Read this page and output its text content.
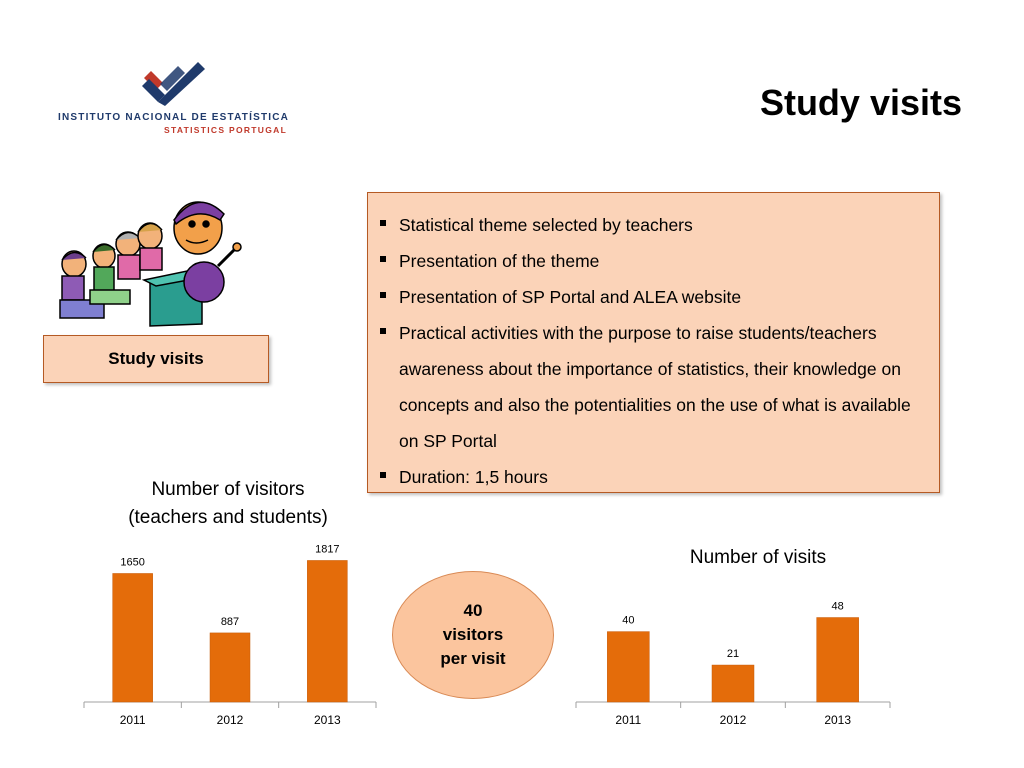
INSTITUTO NACIONAL DE ESTATÍSTICA
STATISTICS PORTUGAL
Study visits
Study visits
Statistical theme selected by teachers
Presentation of the theme
Presentation of SP Portal and ALEA website
Practical activities with the purpose to raise students/teachers awareness about the importance of statistics, their knowledge on concepts and also the potentialities on the use of what is available on SP Portal
Duration: 1,5 hours
Number of visitors
(teachers and students)
1650
2011
887
2012
1817
2013
40
visitors
per visit
Number of visits
40
2011
21
2012
48
2013
